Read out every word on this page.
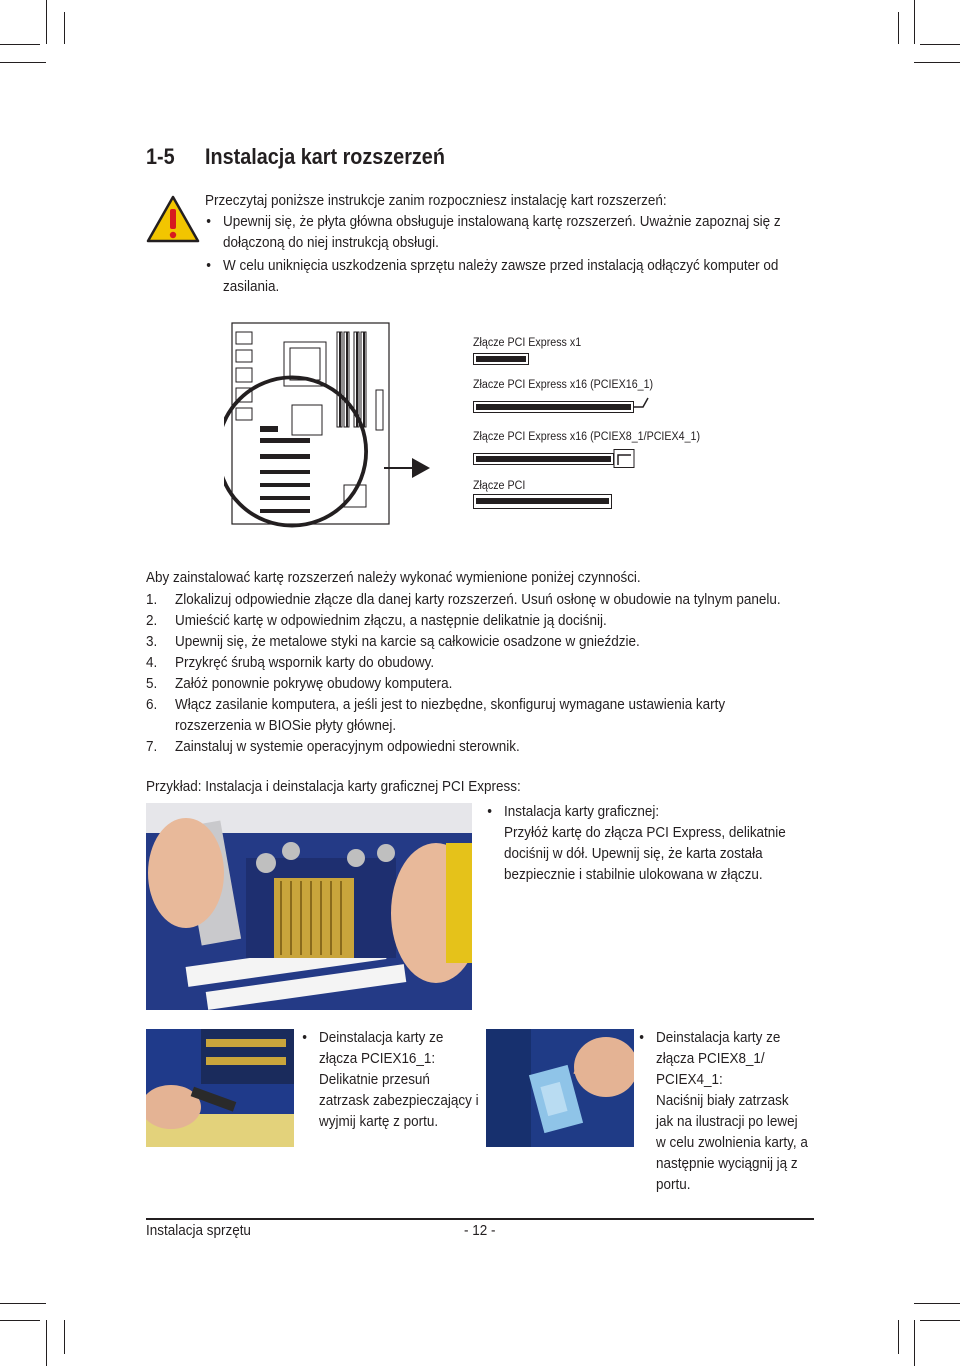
1-5 Instalacja kart rozszerzeń
Przeczytaj poniższe instrukcje zanim rozpoczniesz instalację kart rozszerzeń:
• Upewnij się, że płyta główna obsługuje instalowaną kartę rozszerzeń. Uważnie zapoznaj się z
dołączoną do niej instrukcją obsługi.
• W celu uniknięcia uszkodzenia sprzętu należy zawsze przed instalacją odłączyć komputer od
zasilania.
Złącze PCI Express x1
Złacze PCI Express x16 (PCIEX16_1)
Złącze PCI Express x16 (PCIEX8_1/PCIEX4_1)
Złącze PCI
Aby zainstalować kartę rozszerzeń należy wykonać wymienione poniżej czynności.
1. Zlokalizuj odpowiednie złącze dla danej karty rozszerzeń. Usuń osłonę w obudowie na tylnym panelu.
2. Umieścić kartę w odpowiednim złączu, a następnie delikatnie ją dociśnij.
3. Upewnij się, że metalowe styki na karcie są całkowicie osadzone w gnieździe.
4. Przykręć śrubą wspornik karty do obudowy.
5. Załóż ponownie pokrywę obudowy komputera.
6. Włącz zasilanie komputera, a jeśli jest to niezbędne, skonfiguruj wymagane ustawienia karty
rozszerzenia w BIOSie płyty głównej.
7. Zainstaluj w systemie operacyjnym odpowiedni sterownik.
Przykład: Instalacja i deinstalacja karty graficznej PCI Express:
• Instalacja karty graficznej:
Przyłóż kartę do złącza PCI Express, delikatnie
dociśnij w dół. Upewnij się, że karta została
bezpiecznie i stabilnie ulokowana w złączu.
• Deinstalacja karty ze
złącza PCIEX16_1:
Delikatnie przesuń
zatrzask zabezpieczający i
wyjmij kartę z portu.
• Deinstalacja karty ze
złącza PCIEX8_1/
PCIEX4_1:
Naciśnij biały zatrzask
jak na ilustracji po lewej
w celu zwolnienia karty, a
następnie wyciągnij ją z
portu.
Instalacja sprzętu	- 12 -
